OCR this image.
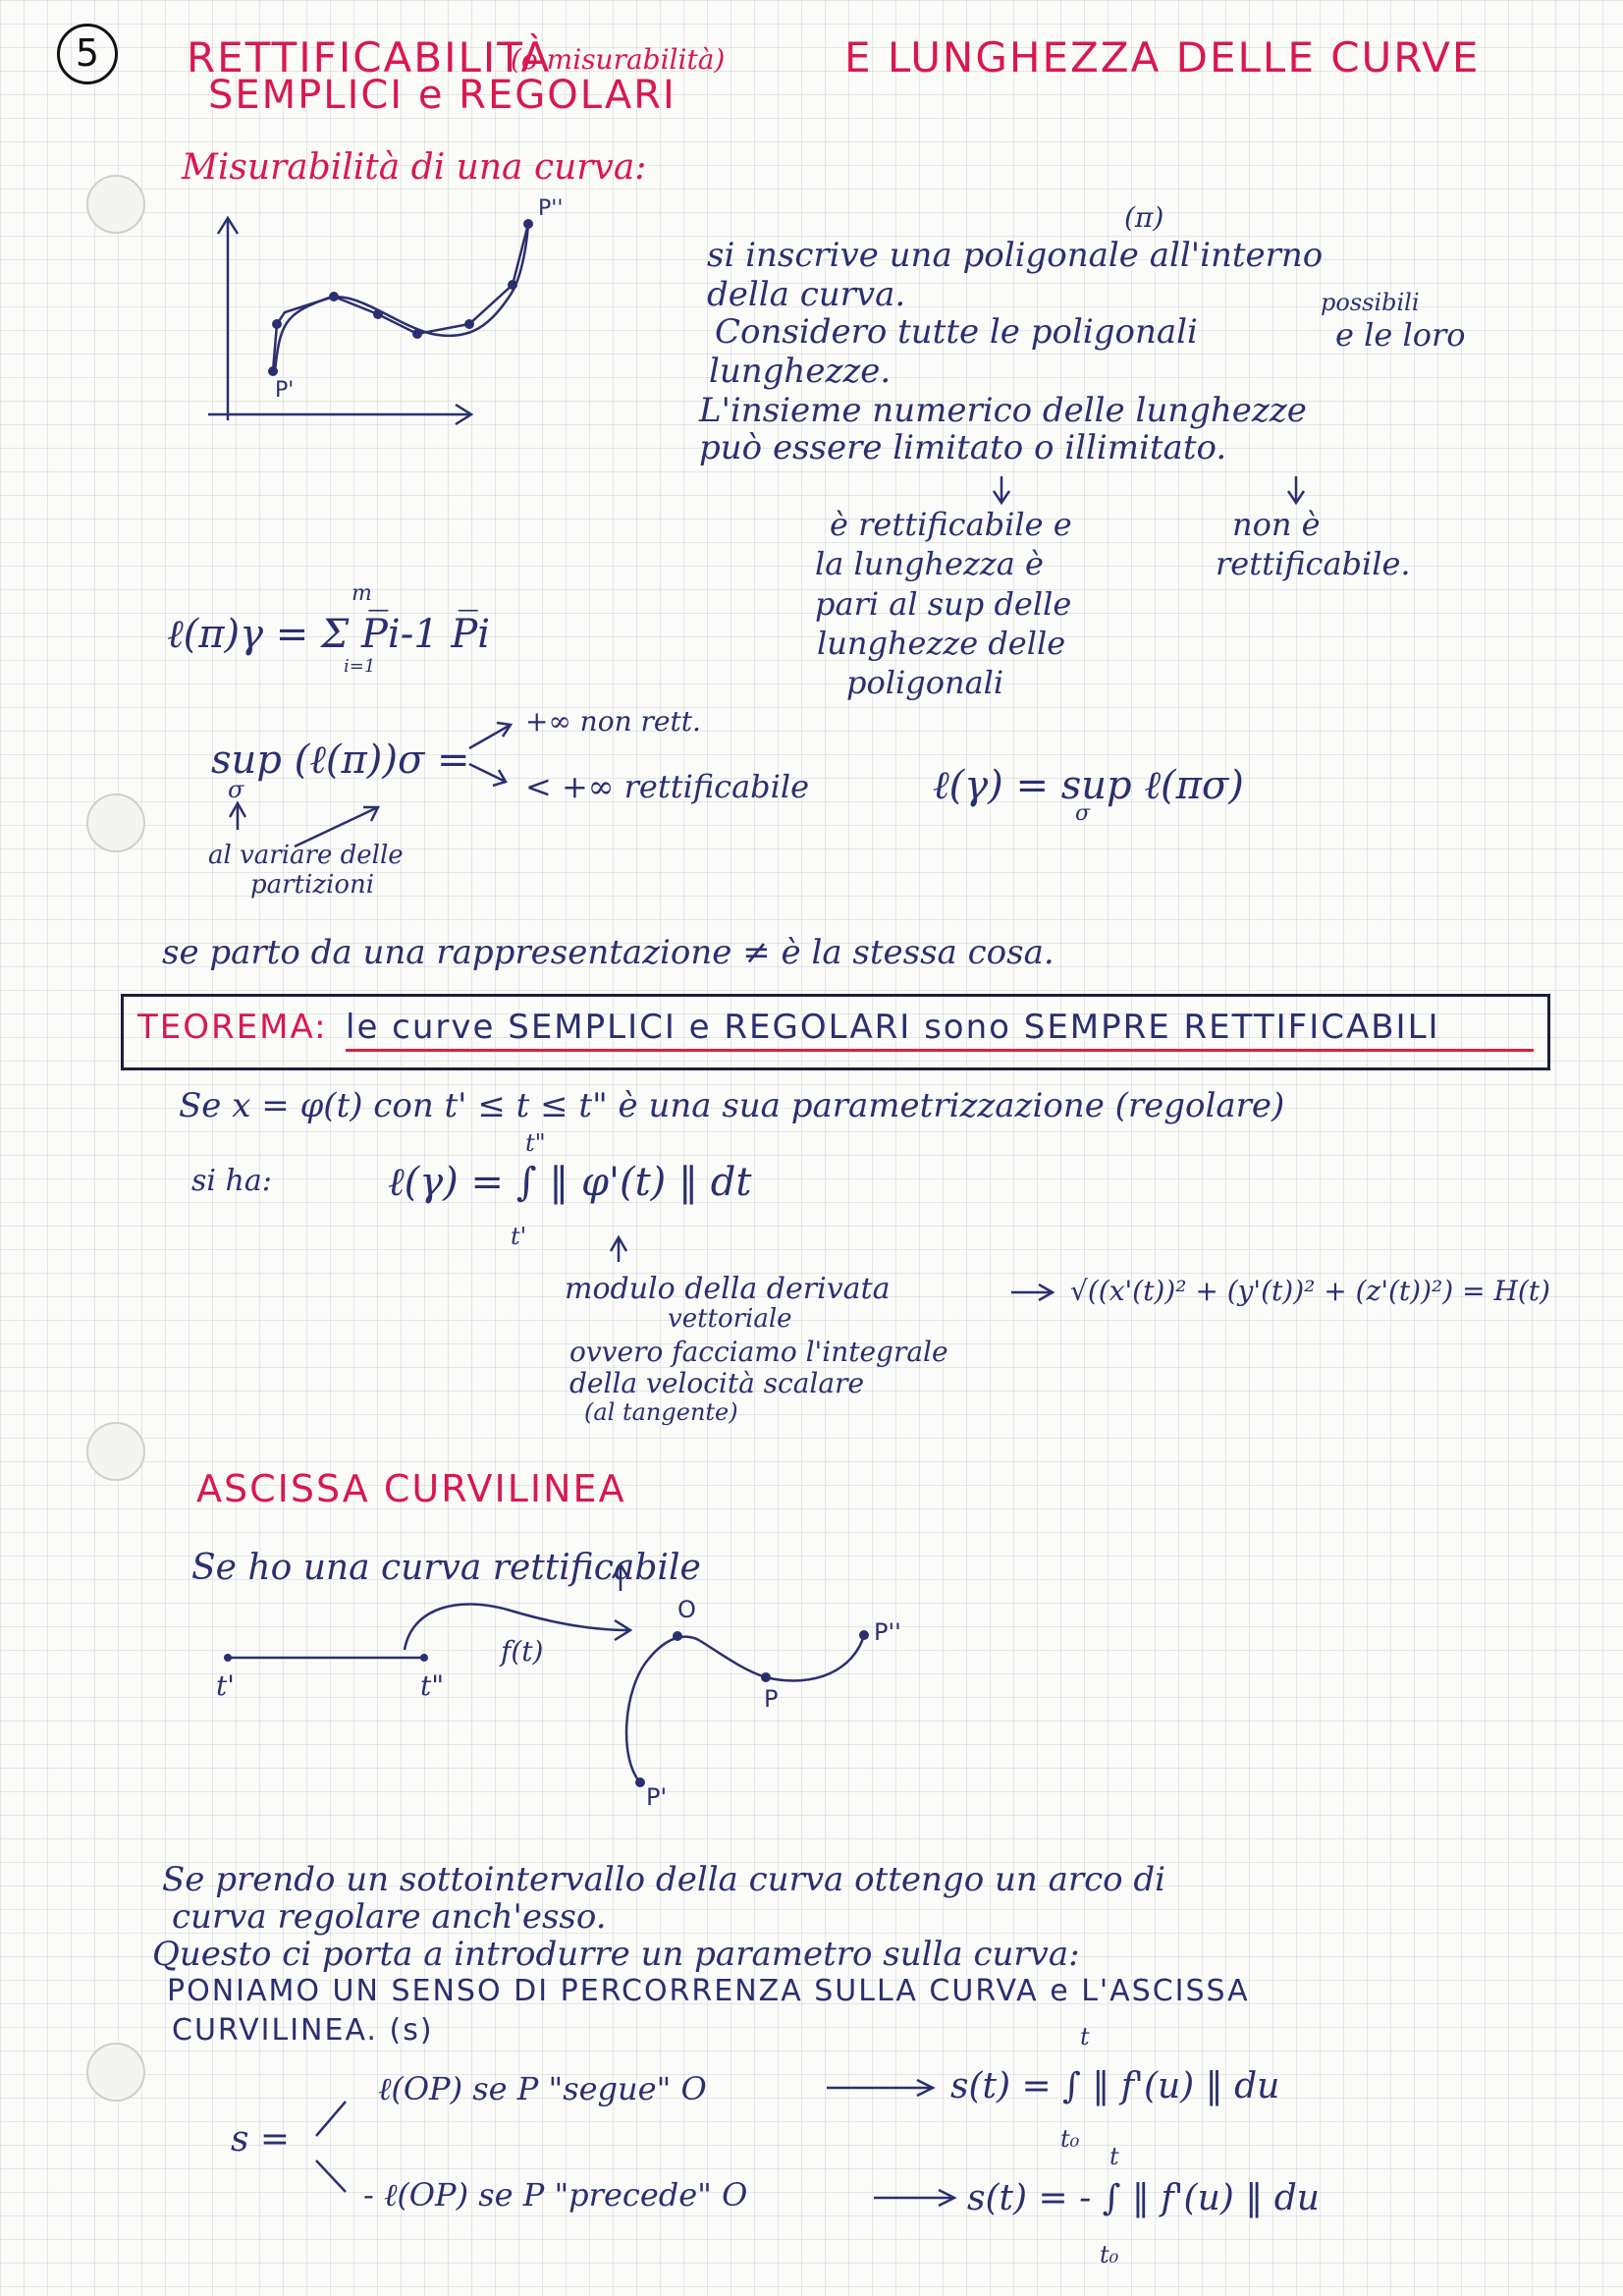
5	RETTIFICABILITÀ
(o misurabilità)	E LUNGHEZZA DELLE CURVE
SEMPLICI e REGOLARI
Misurabilità di una curva:
P''
P'
(π)
si inscrive una poligonale all'interno
della curva.
Considero tutte le poligonali
possibili
e le loro
lunghezze.
L'insieme numerico delle lunghezze
può essere limitato o illimitato.
è rettificabile e
la lunghezza è
pari al sup delle
lunghezze delle
poligonali
non è
rettificabile.
m
ℓ(π)γ = Σ P̅i-1 P̅i
i=1
sup (ℓ(π))σ =
σ
+∞ non rett.
< +∞ rettificabile	ℓ(γ) = sup ℓ(πσ)
σ
al variare delle
partizioni
se parto da una rappresentazione ≠ è la stessa cosa.
TEOREMA: le curve SEMPLICI e REGOLARI sono SEMPRE RETTIFICABILI
Se x = φ(t) con t' ≤ t ≤ t" è una sua parametrizzazione (regolare)
si ha:
t"
ℓ(γ) = ∫ ‖ φ'(t) ‖ dt
t'
modulo della derivata
vettoriale
√((x'(t))² + (y'(t))² + (z'(t))²) = H(t)
ovvero facciamo l'integrale
della velocità scalare
(al tangente)
ASCISSA CURVILINEA
Se ho una curva rettificabile
t'	t"
f(t)
O
P
P''
P'
Se prendo un sottointervallo della curva ottengo un arco di
curva regolare anch'esso.
Questo ci porta a introdurre un parametro sulla curva:
PONIAMO UN SENSO DI PERCORRENZA SULLA CURVA e L'ASCISSA
CURVILINEA. (s)
s =
ℓ(OP) se P "segue" O
- ℓ(OP) se P "precede" O
t
s(t) = ∫ ‖ f'(u) ‖ du
t₀
t
s(t) = - ∫ ‖ f'(u) ‖ du
t₀
